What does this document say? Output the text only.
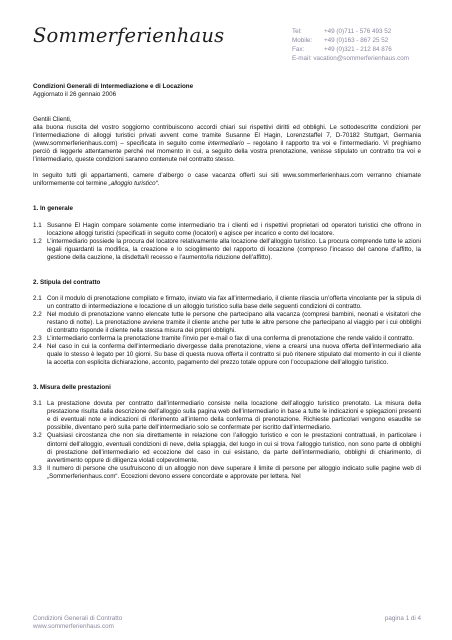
Sommerferienhaus	Tel:	+49 (0)711 - 576 493 52
Mobile:	+49 (0)163 - 867 25 52
Fax:	+49 (0)321 - 212 84 876
E-mail: vacation@sommerferienhaus.com

Condizioni Generali di Intermediazione e di Locazione

Aggiornato il 26 gennaio 2006

Gentili Clienti,

alla buona riuscita del vostro soggiorno contribuiscono accordi chiari sui rispettivi diritti ed obblighi. Le sottodescritte condizioni per l’intermediazione di alloggi turistici privati avvent come tramite Susanne El Hagin, Lorenzstaffel 7, D-70182 Stuttgart, Germania (www.sommerferienhaus.com) – specificata in seguito come intermediario – regolano il rapporto tra voi e l’intermediario. Vi preghiamo perciò di leggerle attentamente perché nel momento in cui, a seguito della vostra prenotazione, venisse stipulato un contratto tra voi e l’intermediario, queste condizioni saranno contenute nel contratto stesso.

In seguito tutti gli appartamenti, camere d’albergo o case vacanza offerti sui siti www.sommerferienhaus.com verranno chiamate uniformemente col termine „alloggio turistico“.

1. In generale

1.1 Susanne El Hagin compare solamente come intermediario tra i clienti ed i rispettivi proprietari od operatori turistici che offrono in locazione alloggi turistici (specificati in seguito come (locatori) e agisce per incarico e conto del locatore.
1.2 L’intermediario possiede la procura del locatore relativamente alla locazione dell’alloggio turistico. La procura comprende tutte le azioni legali riguardanti la modifica, la creazione e lo scioglimento del rapporto di locazione (compreso l’incasso del canone d’affitto, la gestione della cauzione, la disdetta/il recesso e l’aumento/la riduzione dell’affitto).

2. Stipula del contratto

2.1 Con il modulo di prenotazione compilato e firmato, inviato via fax all’intermediario, il cliente rilascia un’offerta vincolante per la stipula di un contratto di intermediazione e locazione di un alloggio turistico sulla base delle seguenti condizioni di contratto.
2.2 Nel modulo di prenotazione vanno elencate tutte le persone che partecipano alla vacanza (compresi bambini, neonati e visitatori che restano di notte). La prenotazione avviene tramite il cliente anche per tutte le altre persone che partecipano al viaggio per i cui obblighi di contratto risponde il cliente nella stessa misura dei propri obblighi.
2.3 L’intermediario conferma la prenotazione tramite l’invio per e-mail o fax di una conferma di prenotazione che rende valido il contratto.
2.4 Nel caso in cui la conferma dell’intermediario divergesse dalla prenotazione, viene a crearsi una nuova offerta dell’intermediario alla quale lo stesso è legato per 10 giorni. Su base di questa nuova offerta il contratto si può ritenere stipulato dal momento in cui il cliente la accetta con esplicita dichiarazione, acconto, pagamento del prezzo totale oppure con l’occupazione dell’alloggio turistico.

3. Misura delle prestazioni

3.1 La prestazione dovuta per contratto dall’intermediario consiste nella locazione dell’alloggio turistico prenotato. La misura della prestazione risulta dalla descrizione dell’alloggio sulla pagina web dell’intermediario in base a tutte le indicazioni e spiegazioni presenti e di eventuali note e indicazioni di riferimento all’interno della conferma di prenotazione. Richieste particolari vengono esaudite se possibile, diventano però sulla parte dell’intermediario solo se confermate per iscritto dall’intermediario.
3.2 Qualsiasi circostanza che non sia direttamente in relazione con l’alloggio turistico e con le prestazioni contrattuali, in particolare i dintorni dell’alloggio, eventuali condizioni di neve, della spiaggia, del luogo in cui si trova l’alloggio turistico, non sono parte di obblighi di prestazione dell’intermediario ed eccezione del caso in cui esistano, da parte dell’intermediario, obblighi di chiarimento, di avvertimento oppure di diligenza violati colpevolmente.
3.3 Il numero di persone che usufruiscono di un alloggio non deve superare il limite di persone per alloggio indicato sulle pagine web di „Sommerferienhaus.com“. Eccezioni devono essere concordate e approvate per lettera. Nel
Condizioni Generali di Contratto
www.sommerferienhaus.com
pagina 1 di 4
